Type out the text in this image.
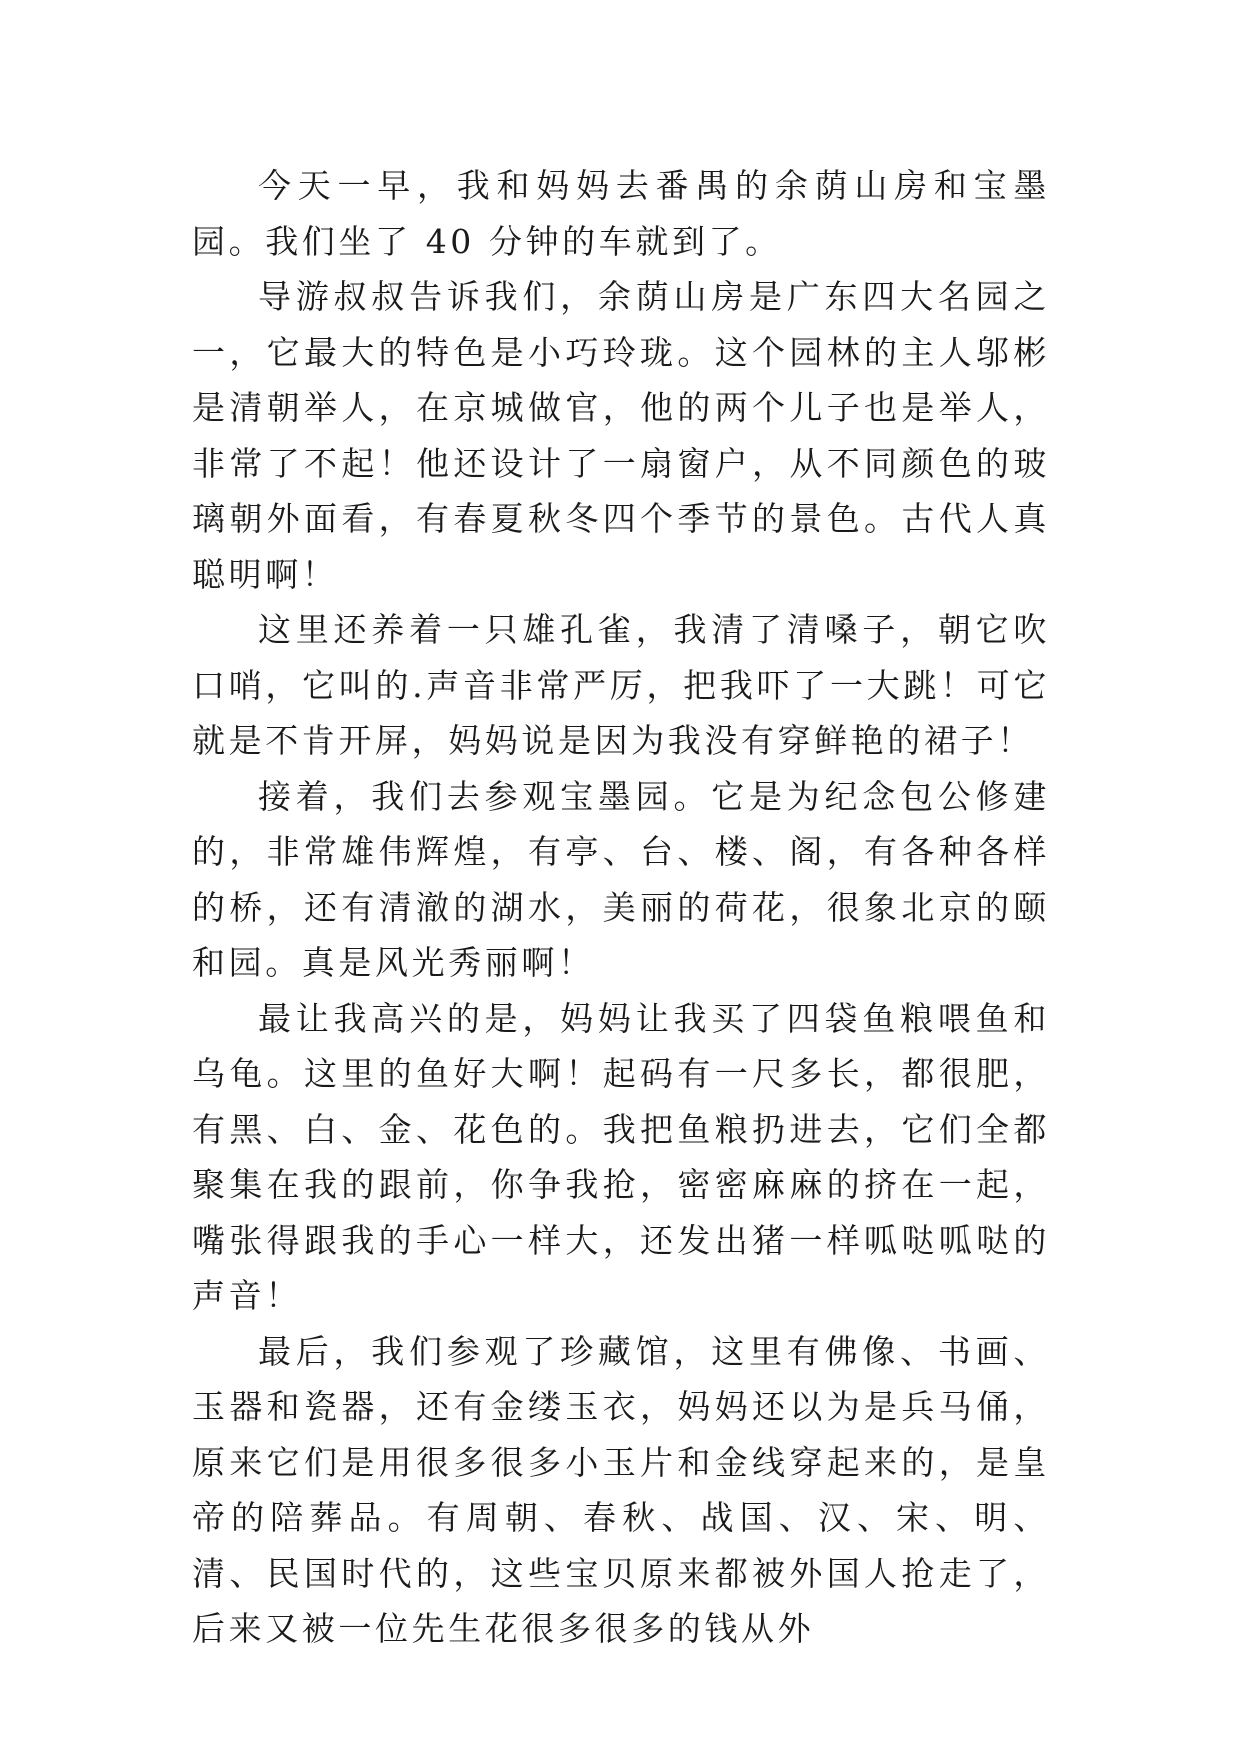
今天一早，我和妈妈去番禺的余荫山房和宝墨园。我们坐了 40 分钟的车就到了。

导游叔叔告诉我们，余荫山房是广东四大名园之一，它最大的特色是小巧玲珑。这个园林的主人邬彬是清朝举人，在京城做官，他的两个儿子也是举人，非常了不起！他还设计了一扇窗户，从不同颜色的玻璃朝外面看，有春夏秋冬四个季节的景色。古代人真聪明啊！

这里还养着一只雄孔雀，我清了清嗓子，朝它吹口哨，它叫的.声音非常严厉，把我吓了一大跳！可它就是不肯开屏，妈妈说是因为我没有穿鲜艳的裙子！

接着，我们去参观宝墨园。它是为纪念包公修建的，非常雄伟辉煌，有亭、台、楼、阁，有各种各样的桥，还有清澈的湖水，美丽的荷花，很象北京的颐和园。真是风光秀丽啊！

最让我高兴的是，妈妈让我买了四袋鱼粮喂鱼和乌龟。这里的鱼好大啊！起码有一尺多长，都很肥，有黑、白、金、花色的。我把鱼粮扔进去，它们全都聚集在我的跟前，你争我抢，密密麻麻的挤在一起，嘴张得跟我的手心一样大，还发出猪一样呱哒呱哒的声音！

最后，我们参观了珍藏馆，这里有佛像、书画、玉器和瓷器，还有金缕玉衣，妈妈还以为是兵马俑，原来它们是用很多很多小玉片和金线穿起来的，是皇帝的陪葬品。有周朝、春秋、战国、汉、宋、明、清、民国时代的，这些宝贝原来都被外国人抢走了，后来又被一位先生花很多很多的钱从外
